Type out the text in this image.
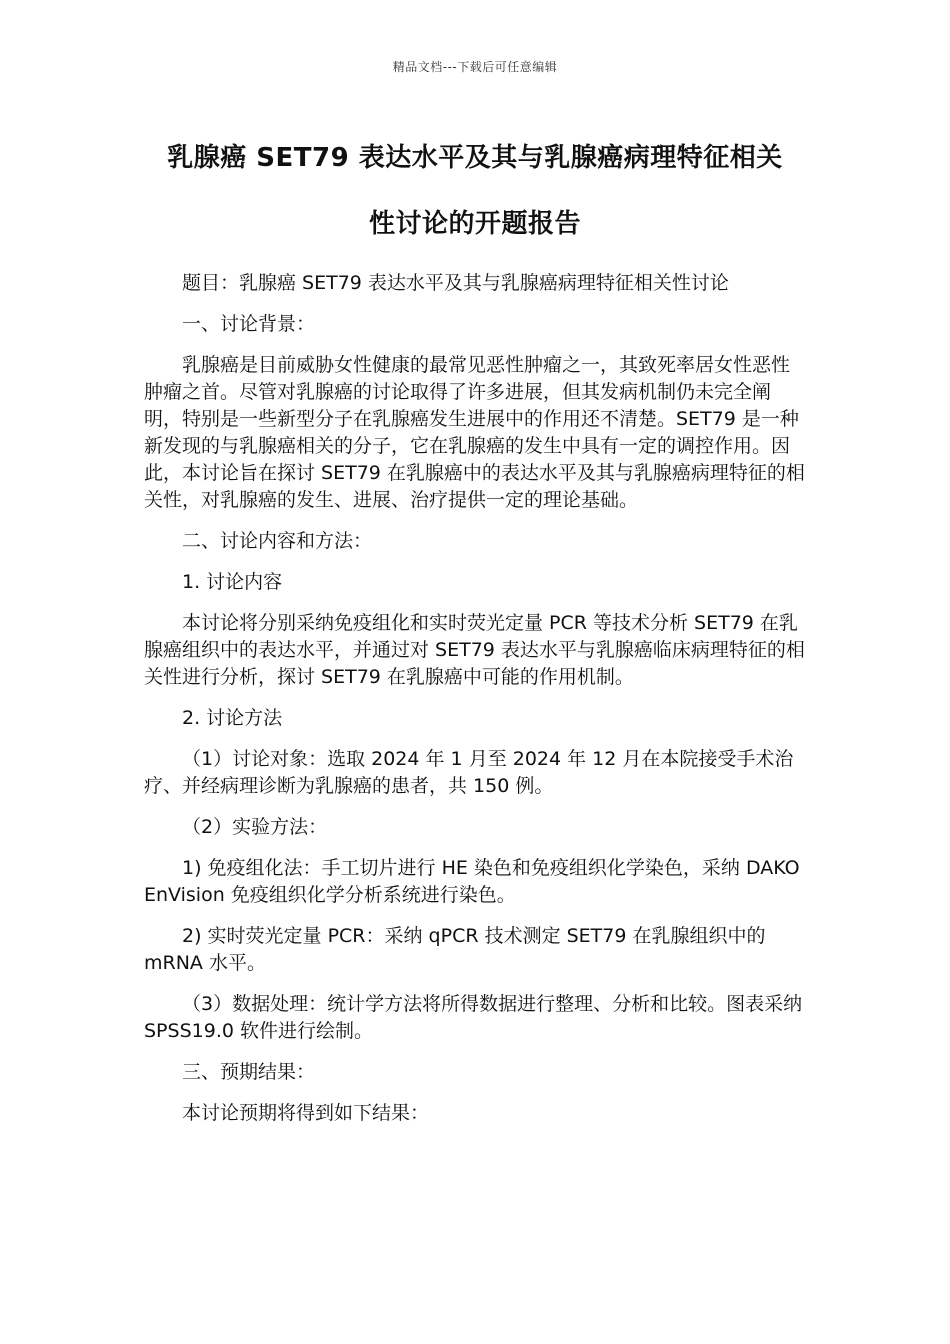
精品文档---下载后可任意编辑
乳腺癌 SET79 表达水平及其与乳腺癌病理特征相关
性讨论的开题报告

题目：乳腺癌 SET79 表达水平及其与乳腺癌病理特征相关性讨论

一、讨论背景：

乳腺癌是目前威胁女性健康的最常见恶性肿瘤之一，其致死率居女性恶性肿瘤之首。尽管对乳腺癌的讨论取得了许多进展，但其发病机制仍未完全阐明，特别是一些新型分子在乳腺癌发生进展中的作用还不清楚。SET79 是一种新发现的与乳腺癌相关的分子，它在乳腺癌的发生中具有一定的调控作用。因此，本讨论旨在探讨 SET79 在乳腺癌中的表达水平及其与乳腺癌病理特征的相关性，对乳腺癌的发生、进展、治疗提供一定的理论基础。

二、讨论内容和方法：

1. 讨论内容

本讨论将分别采纳免疫组化和实时荧光定量 PCR 等技术分析 SET79 在乳腺癌组织中的表达水平，并通过对 SET79 表达水平与乳腺癌临床病理特征的相关性进行分析，探讨 SET79 在乳腺癌中可能的作用机制。

2. 讨论方法

（1）讨论对象：选取 2024 年 1 月至 2024 年 12 月在本院接受手术治疗、并经病理诊断为乳腺癌的患者，共 150 例。

（2）实验方法：

1) 免疫组化法：手工切片进行 HE 染色和免疫组织化学染色，采纳 DAKO EnVision 免疫组织化学分析系统进行染色。

2) 实时荧光定量 PCR：采纳 qPCR 技术测定 SET79 在乳腺组织中的 mRNA 水平。

（3）数据处理：统计学方法将所得数据进行整理、分析和比较。图表采纳 SPSS19.0 软件进行绘制。

三、预期结果：

本讨论预期将得到如下结果：
